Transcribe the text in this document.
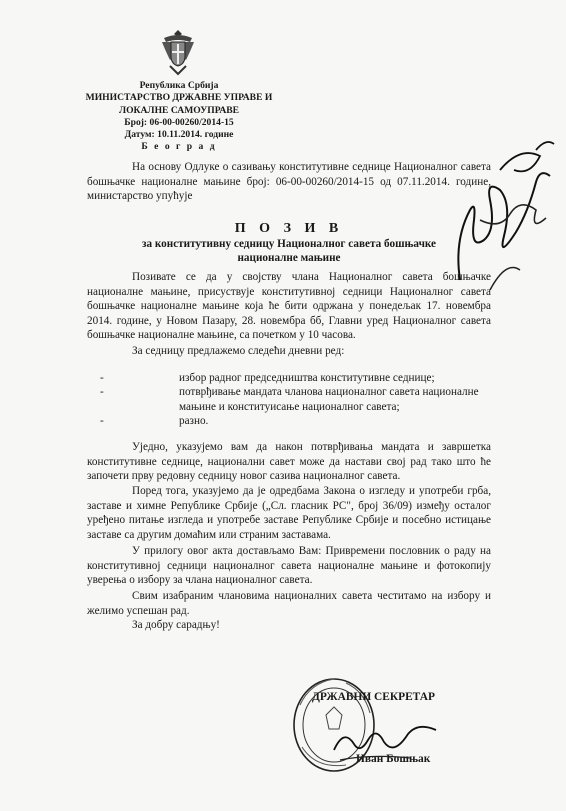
Република Србија
МИНИСТАРСТВО ДРЖАВНЕ УПРАВЕ И
ЛОКАЛНЕ САМОУПРАВЕ
Број: 06-00-00260/2014-15
Датум: 10.11.2014. године
Б е о г р а д

На основу Одлуке о сазивању конститутивне седнице Националног савета бошњачке националне мањине број: 06-00-00260/2014-15 од 07.11.2014. године, министарство упућује

П О З И В
за конститутивну седницу Националног савета бошњачке
националне мањине

Позивате се да у својству члана Националног савета бошњачке националне мањине, присуствује конститутивној седници Националног савета бошњачке националне мањине која ће бити одржана у понедељак 17. новембра 2014. године, у Новом Пазару, 28. новембра бб, Главни уред Националног савета бошњачке националне мањине, са почетком у 10 часова.

За седницу предлажемо следећи дневни ред:

-	избор радног председништва конститутивне седнице;
-	потврђивање мандата чланова националног савета националне мањине и конституисање националног савета;
-	разно.

Уједно, указујемо вам да након потврђивања мандата и завршетка конститутивне седнице, национални савет може да настави свој рад тако што ће започети прву редовну седницу новог сазива националног савета.

Поред тога, указујемо да је одредбама Закона о изгледу и употреби грба, заставе и химне Републике Србије („Сл. гласник РС", број 36/09) између осталог уређено питање изгледа и употребе заставе Републике Србије и посебно истицање заставе са другим домаћим или страним заставама.

У прилогу овог акта достављамо Вам: Привремени пословник о раду на конститутивној седници националног савета националне мањине и фотокопију уверења о избору за члана националног савета.

Свим изабраним члановима националних савета честитамо на избору и желимо успешан рад.

За добру сарадњу!

ДРЖАВНИ СЕКРЕТАР
Иван Бошњак
